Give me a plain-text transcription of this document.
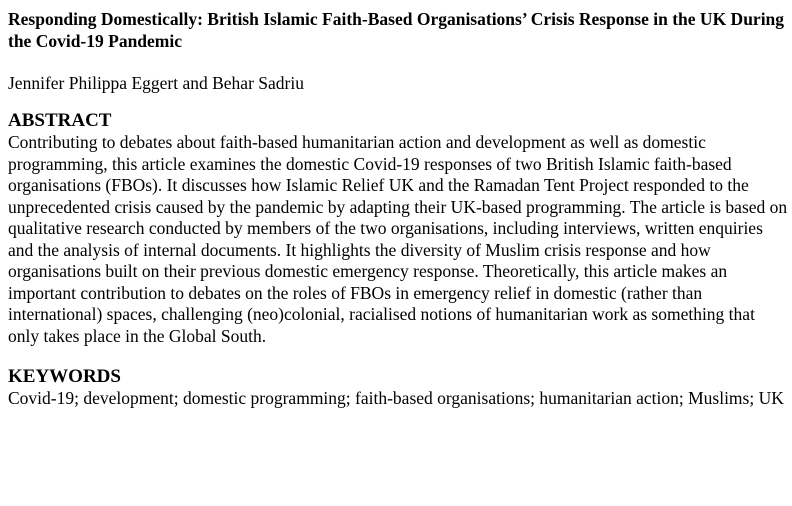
Responding Domestically: British Islamic Faith-Based Organisations’ Crisis Response in the UK During the Covid-19 Pandemic

Jennifer Philippa Eggert and Behar Sadriu

ABSTRACT

Contributing to debates about faith-based humanitarian action and development as well as domestic programming, this article examines the domestic Covid-19 responses of two British Islamic faith-based organisations (FBOs). It discusses how Islamic Relief UK and the Ramadan Tent Project responded to the unprecedented crisis caused by the pandemic by adapting their UK-based programming. The article is based on qualitative research conducted by members of the two organisations, including interviews, written enquiries and the analysis of internal documents. It highlights the diversity of Muslim crisis response and how organisations built on their previous domestic emergency response. Theoretically, this article makes an important contribution to debates on the roles of FBOs in emergency relief in domestic (rather than international) spaces, challenging (neo)colonial, racialised notions of humanitarian work as something that only takes place in the Global South.

KEYWORDS

Covid-19; development; domestic programming; faith-based organisations; humanitarian action; Muslims; UK
